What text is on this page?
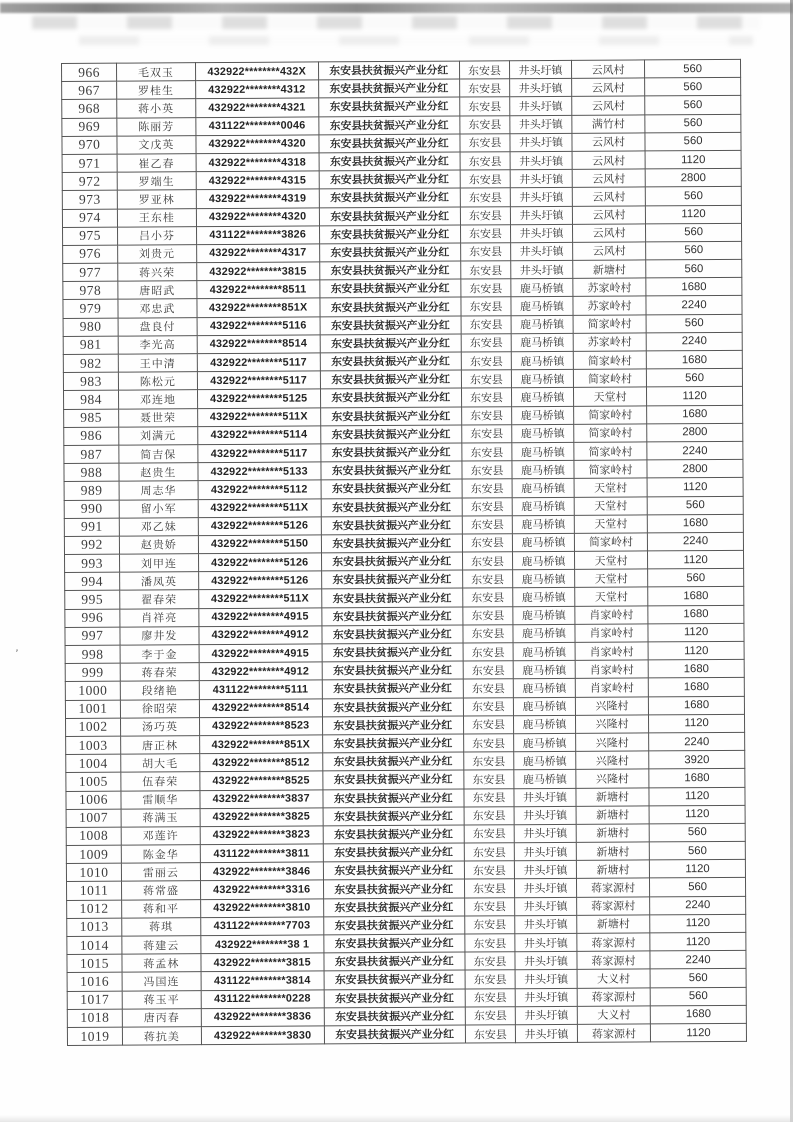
’
966	毛双玉	432922********432X	东安县扶贫振兴产业分红	东安县	井头圩镇	云风村	560
967	罗桂生	432922********4312	东安县扶贫振兴产业分红	东安县	井头圩镇	云风村	560
968	蒋小英	432922********4321	东安县扶贫振兴产业分红	东安县	井头圩镇	云风村	560
969	陈丽芳	431122********0046	东安县扶贫振兴产业分红	东安县	井头圩镇	满竹村	560
970	文戊英	432922********4320	东安县扶贫振兴产业分红	东安县	井头圩镇	云风村	560
971	崔乙春	432922********4318	东安县扶贫振兴产业分红	东安县	井头圩镇	云风村	1120
972	罗端生	432922********4315	东安县扶贫振兴产业分红	东安县	井头圩镇	云风村	2800
973	罗亚林	432922********4319	东安县扶贫振兴产业分红	东安县	井头圩镇	云风村	560
974	王东桂	432922********4320	东安县扶贫振兴产业分红	东安县	井头圩镇	云风村	1120
975	吕小芬	431122********3826	东安县扶贫振兴产业分红	东安县	井头圩镇	云风村	560
976	刘贵元	432922********4317	东安县扶贫振兴产业分红	东安县	井头圩镇	云风村	560
977	蒋兴荣	432922********3815	东安县扶贫振兴产业分红	东安县	井头圩镇	新塘村	560
978	唐昭武	432922********8511	东安县扶贫振兴产业分红	东安县	鹿马桥镇	苏家岭村	1680
979	邓忠武	432922********851X	东安县扶贫振兴产业分红	东安县	鹿马桥镇	苏家岭村	2240
980	盘良付	432922********5116	东安县扶贫振兴产业分红	东安县	鹿马桥镇	简家岭村	560
981	李光高	432922********8514	东安县扶贫振兴产业分红	东安县	鹿马桥镇	苏家岭村	2240
982	王中清	432922********5117	东安县扶贫振兴产业分红	东安县	鹿马桥镇	简家岭村	1680
983	陈松元	432922********5117	东安县扶贫振兴产业分红	东安县	鹿马桥镇	简家岭村	560
984	邓连地	432922********5125	东安县扶贫振兴产业分红	东安县	鹿马桥镇	天堂村	1120
985	聂世荣	432922********511X	东安县扶贫振兴产业分红	东安县	鹿马桥镇	简家岭村	1680
986	刘满元	432922********5114	东安县扶贫振兴产业分红	东安县	鹿马桥镇	简家岭村	2800
987	简吉保	432922********5117	东安县扶贫振兴产业分红	东安县	鹿马桥镇	简家岭村	2240
988	赵贵生	432922********5133	东安县扶贫振兴产业分红	东安县	鹿马桥镇	简家岭村	2800
989	周志华	432922********5112	东安县扶贫振兴产业分红	东安县	鹿马桥镇	天堂村	1120
990	留小军	432922********511X	东安县扶贫振兴产业分红	东安县	鹿马桥镇	天堂村	560
991	邓乙妹	432922********5126	东安县扶贫振兴产业分红	东安县	鹿马桥镇	天堂村	1680
992	赵贵娇	432922********5150	东安县扶贫振兴产业分红	东安县	鹿马桥镇	简家岭村	2240
993	刘甲连	432922********5126	东安县扶贫振兴产业分红	东安县	鹿马桥镇	天堂村	1120
994	潘凤英	432922********5126	东安县扶贫振兴产业分红	东安县	鹿马桥镇	天堂村	560
995	翟春荣	432922********511X	东安县扶贫振兴产业分红	东安县	鹿马桥镇	天堂村	1680
996	肖祥亮	432922********4915	东安县扶贫振兴产业分红	东安县	鹿马桥镇	肖家岭村	1680
997	廖井发	432922********4912	东安县扶贫振兴产业分红	东安县	鹿马桥镇	肖家岭村	1120
998	李于金	432922********4915	东安县扶贫振兴产业分红	东安县	鹿马桥镇	肖家岭村	1120
999	蒋春荣	432922********4912	东安县扶贫振兴产业分红	东安县	鹿马桥镇	肖家岭村	1680
1000	段绪艳	431122********5111	东安县扶贫振兴产业分红	东安县	鹿马桥镇	肖家岭村	1680
1001	徐昭荣	432922********8514	东安县扶贫振兴产业分红	东安县	鹿马桥镇	兴隆村	1680
1002	汤巧英	432922********8523	东安县扶贫振兴产业分红	东安县	鹿马桥镇	兴隆村	1120
1003	唐正林	432922********851X	东安县扶贫振兴产业分红	东安县	鹿马桥镇	兴隆村	2240
1004	胡大毛	432922********8512	东安县扶贫振兴产业分红	东安县	鹿马桥镇	兴隆村	3920
1005	伍春荣	432922********8525	东安县扶贫振兴产业分红	东安县	鹿马桥镇	兴隆村	1680
1006	雷顺华	432922********3837	东安县扶贫振兴产业分红	东安县	井头圩镇	新塘村	1120
1007	蒋满玉	432922********3825	东安县扶贫振兴产业分红	东安县	井头圩镇	新塘村	1120
1008	邓莲许	432922********3823	东安县扶贫振兴产业分红	东安县	井头圩镇	新塘村	560
1009	陈金华	431122********3811	东安县扶贫振兴产业分红	东安县	井头圩镇	新塘村	560
1010	雷丽云	432922********3846	东安县扶贫振兴产业分红	东安县	井头圩镇	新塘村	1120
1011	蒋常盛	432922********3316	东安县扶贫振兴产业分红	东安县	井头圩镇	蒋家源村	560
1012	蒋和平	432922********3810	东安县扶贫振兴产业分红	东安县	井头圩镇	蒋家源村	2240
1013	蒋琪	431122********7703	东安县扶贫振兴产业分红	东安县	井头圩镇	新塘村	1120
1014	蒋建云	432922********38 1	东安县扶贫振兴产业分红	东安县	井头圩镇	蒋家源村	1120
1015	蒋孟林	432922********3815	东安县扶贫振兴产业分红	东安县	井头圩镇	蒋家源村	2240
1016	冯国连	431122********3814	东安县扶贫振兴产业分红	东安县	井头圩镇	大义村	560
1017	蒋玉平	431122********0228	东安县扶贫振兴产业分红	东安县	井头圩镇	蒋家源村	560
1018	唐丙春	432922********3836	东安县扶贫振兴产业分红	东安县	井头圩镇	大义村	1680
1019	蒋抗美	432922********3830	东安县扶贫振兴产业分红	东安县	井头圩镇	蒋家源村	1120
